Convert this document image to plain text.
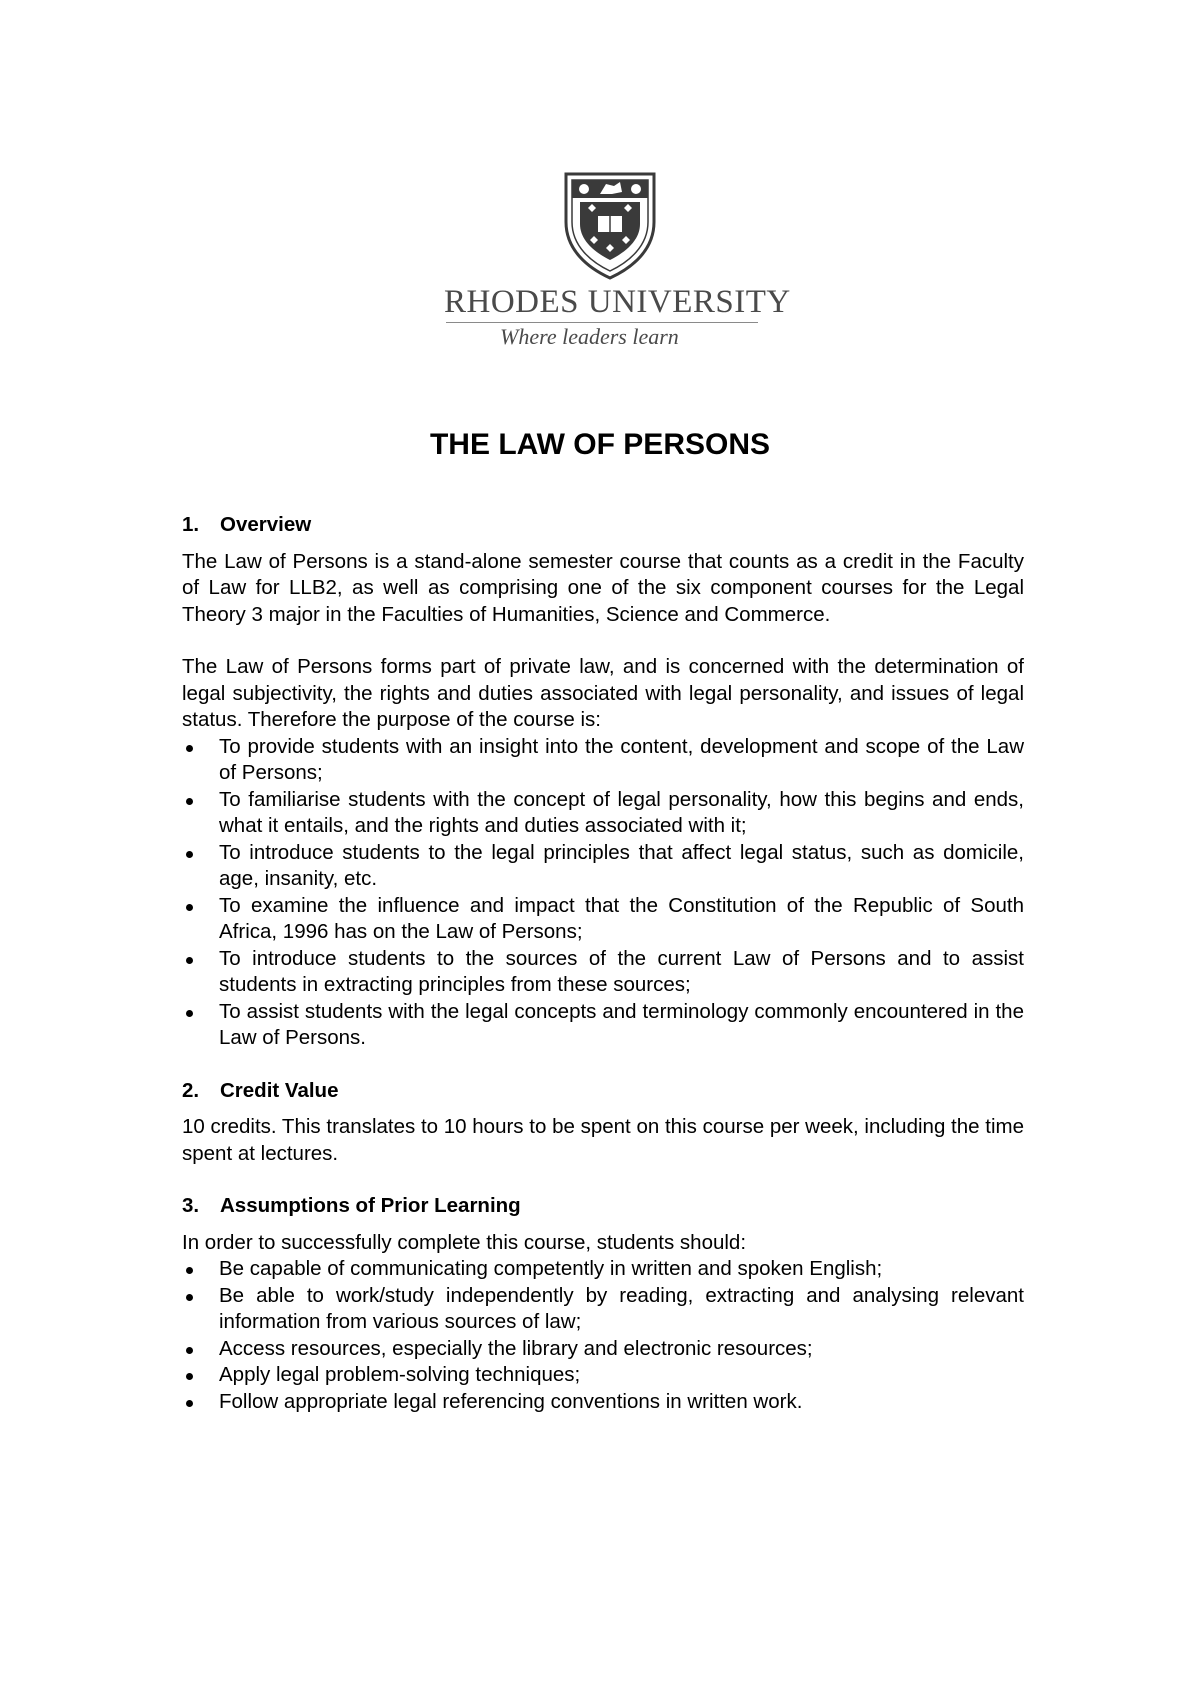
RHODES UNIVERSITY
Where leaders learn
THE LAW OF PERSONS
1. Overview

The Law of Persons is a stand-alone semester course that counts as a credit in the Faculty of Law for LLB2, as well as comprising one of the six component courses for the Legal Theory 3 major in the Faculties of Humanities, Science and Commerce.

The Law of Persons forms part of private law, and is concerned with the determination of legal subjectivity, the rights and duties associated with legal personality, and issues of legal status. Therefore the purpose of the course is:

To provide students with an insight into the content, development and scope of the Law of Persons;
To familiarise students with the concept of legal personality, how this begins and ends, what it entails, and the rights and duties associated with it;
To introduce students to the legal principles that affect legal status, such as domicile, age, insanity, etc.
To examine the influence and impact that the Constitution of the Republic of South Africa, 1996 has on the Law of Persons;
To introduce students to the sources of the current Law of Persons and to assist students in extracting principles from these sources;
To assist students with the legal concepts and terminology commonly encountered in the Law of Persons.
2. Credit Value

10 credits. This translates to 10 hours to be spent on this course per week, including the time spent at lectures.

3. Assumptions of Prior Learning

In order to successfully complete this course, students should:

Be capable of communicating competently in written and spoken English;
Be able to work/study independently by reading, extracting and analysing relevant information from various sources of law;
Access resources, especially the library and electronic resources;
Apply legal problem-solving techniques;
Follow appropriate legal referencing conventions in written work.
